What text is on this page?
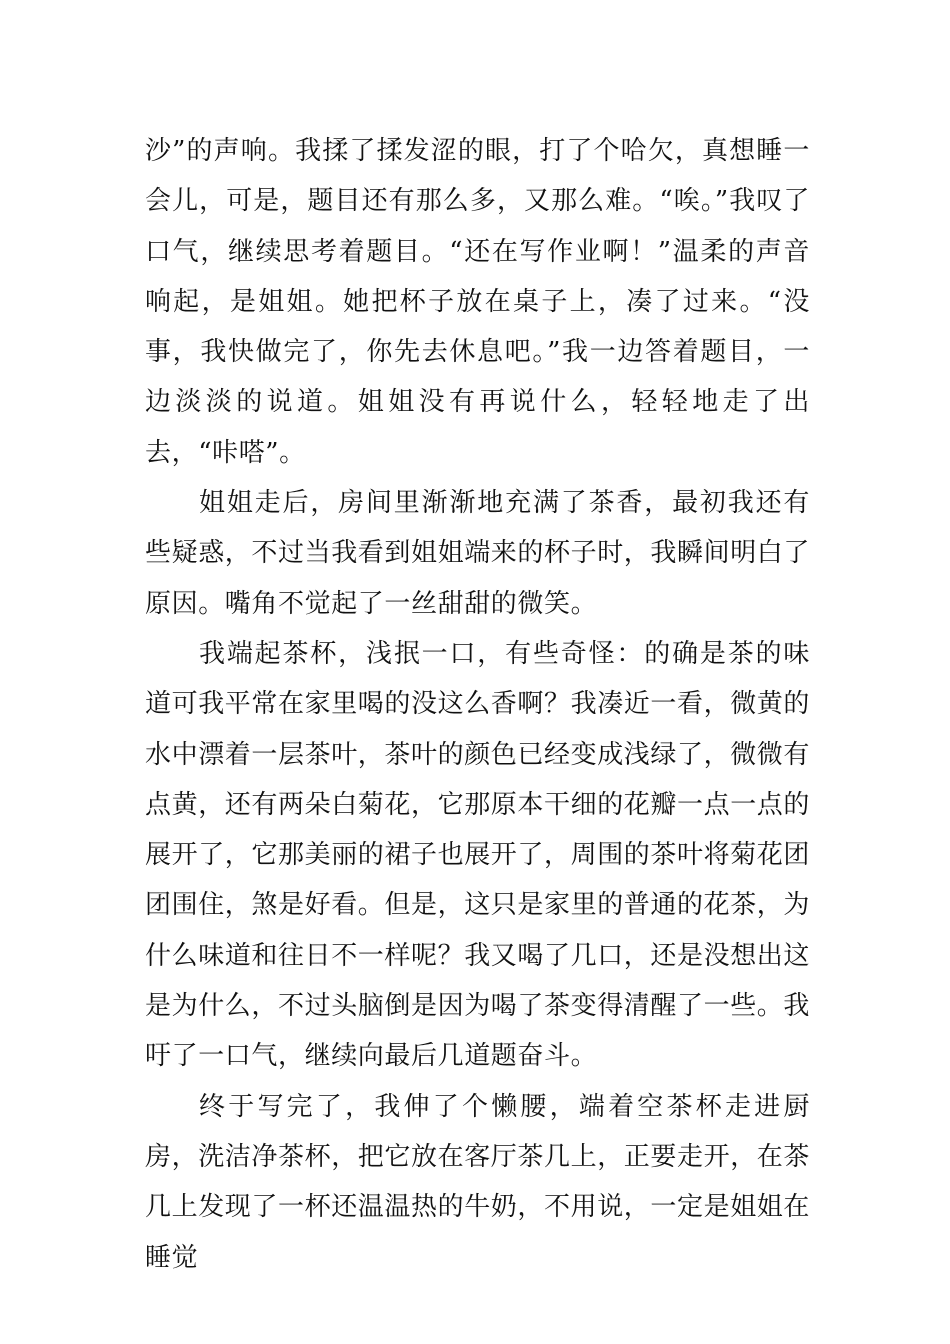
沙”的声响。我揉了揉发涩的眼，打了个哈欠，真想睡一会儿，可是，题目还有那么多，又那么难。“唉。”我叹了口气，继续思考着题目。“还在写作业啊！”温柔的声音响起，是姐姐。她把杯子放在桌子上，凑了过来。“没事，我快做完了，你先去休息吧。”我一边答着题目，一边淡淡的说道。姐姐没有再说什么，轻轻地走了出去，“咔嗒”。

姐姐走后，房间里渐渐地充满了茶香，最初我还有些疑惑，不过当我看到姐姐端来的杯子时，我瞬间明白了原因。嘴角不觉起了一丝甜甜的微笑。

我端起茶杯，浅抿一口，有些奇怪：的确是茶的味道可我平常在家里喝的没这么香啊？我凑近一看，微黄的水中漂着一层茶叶，茶叶的颜色已经变成浅绿了，微微有点黄，还有两朵白菊花，它那原本干细的花瓣一点一点的展开了，它那美丽的裙子也展开了，周围的茶叶将菊花团团围住，煞是好看。但是，这只是家里的普通的花茶，为什么味道和往日不一样呢？我又喝了几口，还是没想出这是为什么，不过头脑倒是因为喝了茶变得清醒了一些。我吁了一口气，继续向最后几道题奋斗。

终于写完了，我伸了个懒腰，端着空茶杯走进厨房，洗洁净茶杯，把它放在客厅茶几上，正要走开，在茶几上发现了一杯还温温热的牛奶，不用说，一定是姐姐在睡觉
